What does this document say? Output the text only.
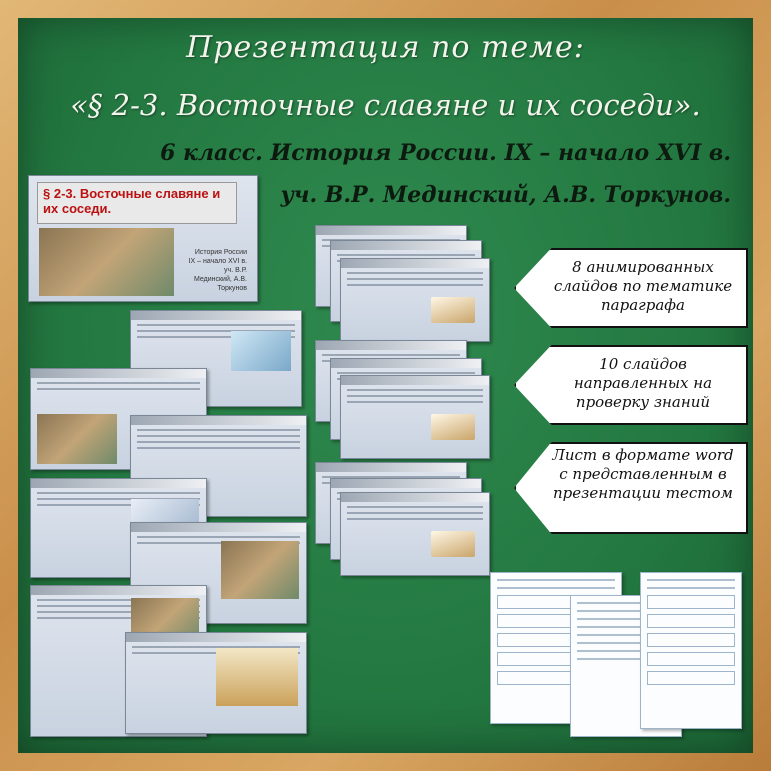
Презентация по теме:
«§ 2-3. Восточные славяне и их соседи».
6 класс. История России. IX – начало XVI в.
уч. В.Р. Мединский, А.В. Торкунов.
§ 2-3. Восточные славяне и их соседи.
История России IX – начало XVI в. уч. В.Р. Мединский, А.В. Торкунов
8 анимированных слайдов по тематике параграфа
10 слайдов направленных на проверку знаний
Лист в формате word с представленным в презентации тестом
